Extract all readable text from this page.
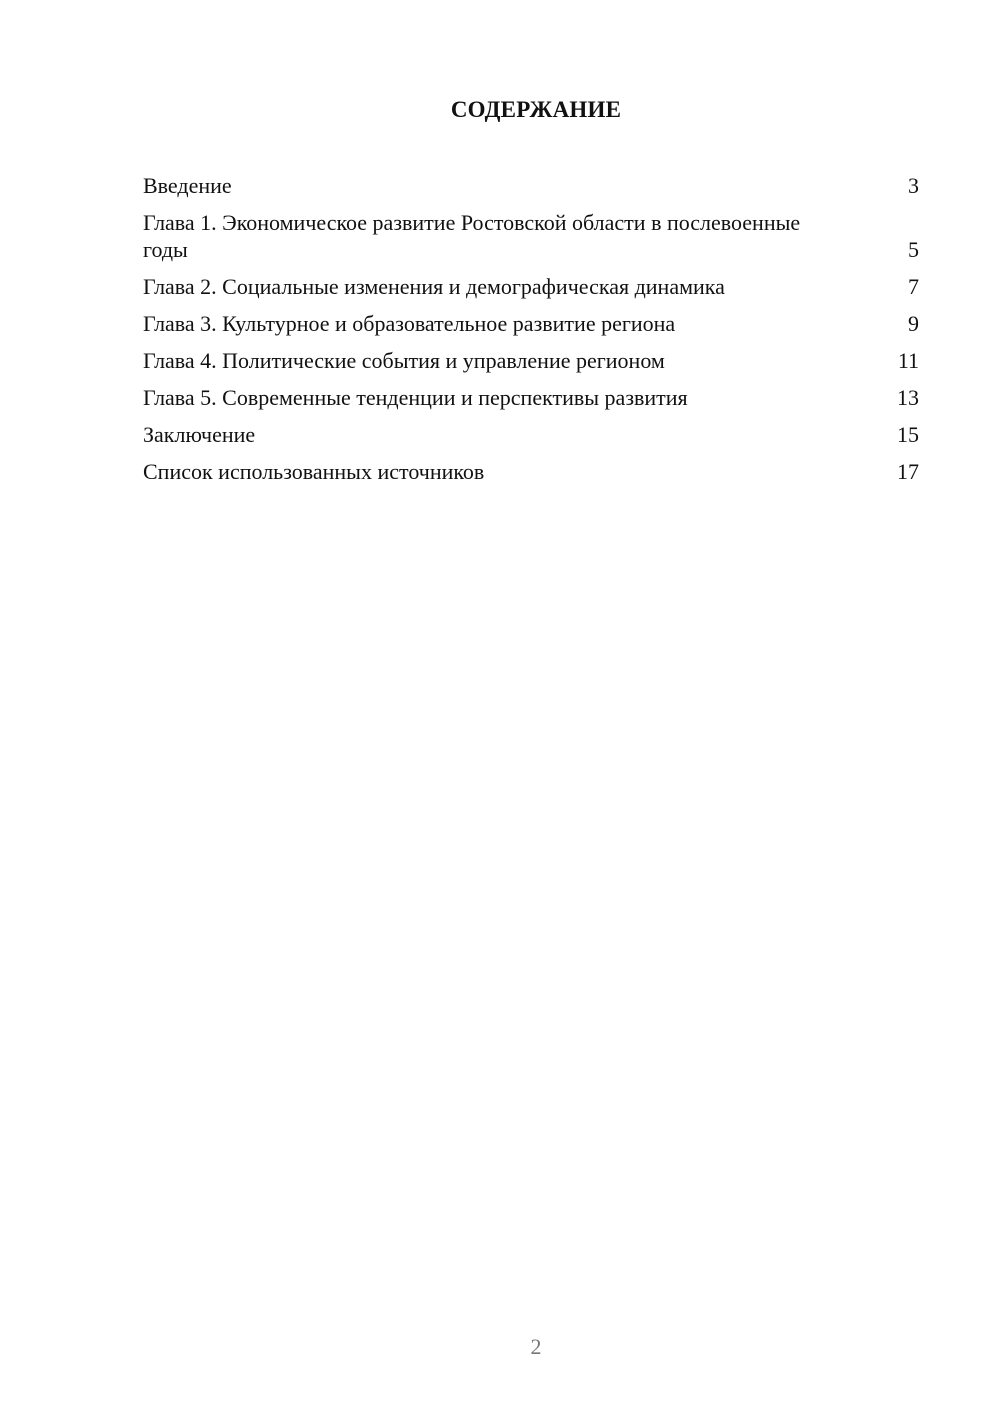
СОДЕРЖАНИЕ
Введение	3
Глава 1. Экономическое развитие Ростовской области в послевоенные годы	5
Глава 2. Социальные изменения и демографическая динамика	7
Глава 3. Культурное и образовательное развитие региона	9
Глава 4. Политические события и управление регионом	11
Глава 5. Современные тенденции и перспективы развития	13
Заключение	15
Список использованных источников	17
2
